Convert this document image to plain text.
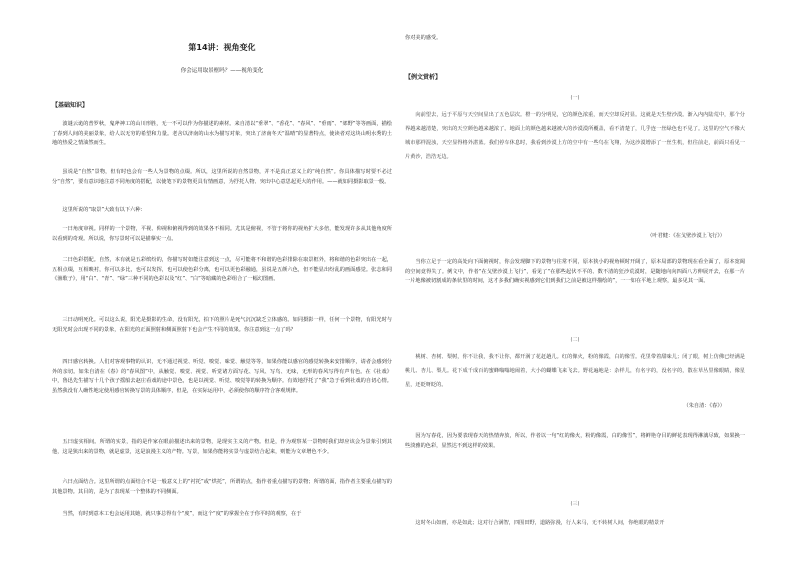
第14讲：视角变化
你会运用取景框吗？——视角变化
【基础知识】
波谜云诡的普罗秋，鬼斧神工的山川形胜，无一不可以作为你描述的素材。来自清以“垂翠”、“香花”、“春风”、“垂雨”、“郊野”等等画面，描绘了春到人间的美丽景象，给人以无穷的希望和力量。老舍以济南的山水为描写对象，突出了济南冬天“温晴”的显著特点，使读者对这块山明水秀的土地的热爱之情油然而生。
虽说是“自然”景物，但有时也会有一些人为景物的点缀。所以，这里所说的自然景物，并不是真正意义上的“纯自然”。你具体描写时要不必过分“自然”，要有意识地注意不同角度的搭配，以使笔下的景物更具有情画意，为抒托人物、突出中心意思起更大的作用。——就如同摄影取景一般。
这里所说的“取景”大致有以下六种：
一曰角度审视。同样的一个景物，平视、仰视和俯视得到的效果各不相同。尤其是俯视，不管于将你的视角扩大多倍，能发现许多从其他角度所以看到的奇观。所以说，你写景时可以是描摹实一点。
二曰色彩搭配。自然，本有就是五彩缤纷的，你描写时如能注意到这一点，尽可能将不和谐的色彩排除在取景框外，将和谐的色彩突出在一起，五相点缀，互相映衬，你可以多比，也可以发挥，也可以使色彩分离，也可以更色彩融通，虽说是五颜六色，但不能显出纷乱的画面感觉。张志和同《渔歌子》，用“白”、“青”、“绿”三种不同的色彩以及“红”、“白”等暗藏的色彩组合了一幅幻图画。
三曰动明死化。可以这么说，阳光是摄影的生命，没有阳光，拍下的照片是死气沉沉缺乏立体感的。如同摄影一样，任何一个景物，有阳光时与无阳光时会出现不同的景象，在阳光的正面照射和侧面照射下也会产生不同的效果。你注意到这一点了吗？
四曰感官转换。人们对客观事物的认识，无不通过视觉、听觉、嗅觉、味觉、触觉等等，如果你能以感官的感觉转换来安排顺序，请者会感到分外的亲切。如朱自清在《春》的“春风图”中，从触觉、嗅觉、视觉、听觉诸方面写花、写风、写鸟、无味，无形的春风写得有声有色。在《社戏》中，鲁迅先生描写十几个孩子摇船去赵庄看戏的途中景色，也是以视觉、听觉、嗅觉等的转换为顺序。有效地抒托了“我”急于看到社戏的自切心情。虽然我没有人确性地定使用感官转换写景的具体顺序，但是，在实际运用中，必须使你的顺序符合客观规律。
五曰虚实相间。所谓的实景，指的是作家在眼前描述出来的景物，是现实主义的产物。但是，作为观察某一景物时我们却应该会为景象引到其他，这是狭出来的景物，就是虚景，这是浪漫主义的产物。写景，如果你能将实景与虚景结合起来，则能为文章增色不少。
六曰点面结合。这里所谓的点面结合不是一般意义上的“衬托”或“烘托”，所谓的点，指作者重点描写的景物；所谓的面，指作者主要重点描写的其他景物。其目的，是为了表现某一个整体的不同侧面。
当然，有时到意本工也会运用其她，就只事总得有个“度”，而这个“度”的掌握全在于你平时的观察，在于
你对美的感受。
【例文赏析】
(一)
向前望去，远于平原与天空间显出了五色层次。橙一的分明晃，它的颜色浓重，而天空却反衬显。这就是天生壁沙漠。渐入内内陆荒中，那个分界越来越清楚，突出的天空颜色越来越浓了。地面上的颜色越来越被大的沙漠漠所覆盖，看不清楚了，几乎连一丝绿色也不见了。这里的空气不像大城市那样混浊，天空显得格外湛蓝。我们停车休息时，我看到沙漠上方的空中有一些鸟在飞翔，为这沙漠增添了一丝生机，但往前走，前面只看见一片黄沙，浩浩无边。
（叶君健：《在戈壁沙漠上飞行》）
当你立足于一定的高处向下面俯视时，你会发现脚下的景物与往常不同，原本狭小的视角顿时开阔了，原本局部的景物现在看全面了，原本宽阔的空间竟得失了。例文中，作者“在戈壁沙漠上飞行”，看见了“在那些起伏不平的、数不清的狂沙荒漠时，是随地向向四面八方伸展开去，在那一片一片地像被切割成的条状里的时间，这才多我们确实视感到它们到我们之前是被这样描绘的”，一一如在平地上观察，最多见其一面。
(二)
桃树、杏树、梨树，你不让我，我不让你，都开满了花赶趟儿。红的像火，粉的像霞，白的像雪。花里带着甜味儿；闭了眼，树上仿佛已经满是桃儿、杏儿、梨儿。花下成千成百的蜜蜂嗡嗡地闹着，大小的蝴蝶飞来飞去。野花遍地是：杂样儿，有名字的，没名字的，散在草丛里像眼睛，像星星，还眨呀眨的。
（朱自清：《春》）
因为写春花，因为要表现春天的热情奔放，所以，作者以一句“红的像火，粉的像霞，白的像雪”，将鲜艳夺目的鲜花表现得淋漓尽致，如果换一些淡雅的色彩，显然达不到这样的效果。
(三)
这时冬山如画，亦是如此；这对行合满智，四围田野，道路弥漫，行人来马，无不转树人间，你绝眼的精景开
